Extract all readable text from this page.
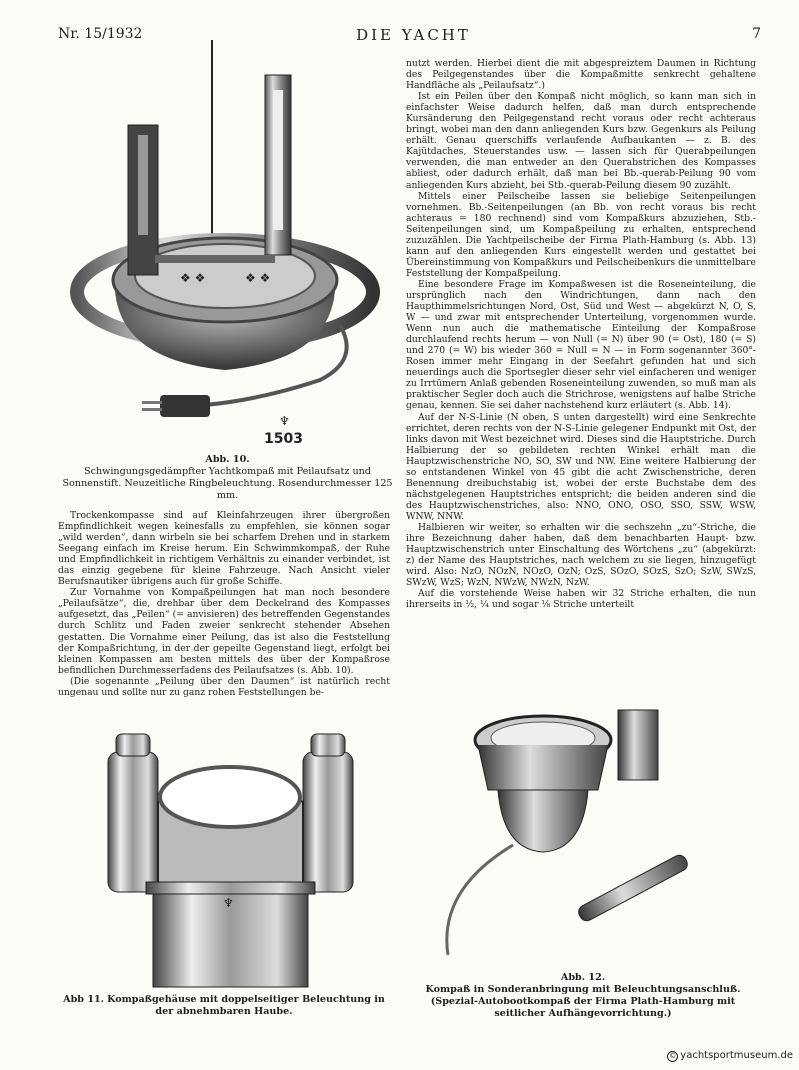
Nr. 15/1932	DIE YACHT	7
❖ ❖	❖ ❖
♆
1503
Abb. 10.
Schwingungsgedämpfter Yachtkompaß mit Peilaufsatz und Sonnenstift. Neuzeitliche Ringbeleuchtung. Rosendurchmesser 125 mm.

Trockenkompasse sind auf Kleinfahrzeugen ihrer übergroßen Empfindlichkeit wegen keinesfalls zu empfehlen, sie können sogar „wild werden“, dann wirbeln sie bei scharfem Drehen und in starkem Seegang einfach im Kreise herum. Ein Schwimmkompaß, der Ruhe und Empfindlichkeit in richtigem Verhältnis zu einander verbindet, ist das einzig gegebene für kleine Fahrzeuge. Nach Ansicht vieler Berufsnautiker übrigens auch für große Schiffe.

Zur Vornahme von Kompaßpeilungen hat man noch besondere „Peilaufsätze“, die, drehbar über dem Deckelrand des Kompasses aufgesetzt, das „Peilen“ (= anvisieren) des betreffenden Gegenstandes durch Schlitz und Faden zweier senkrecht stehender Absehen gestatten. Die Vornahme einer Peilung, das ist also die Feststellung der Kompaßrichtung, in der der gepeilte Gegenstand liegt, erfolgt bei kleinen Kompassen am besten mittels des über der Kompaßrose befindlichen Durchmesserfadens des Peilaufsatzes (s. Abb. 10).

(Die sogenannte „Peilung über den Daumen“ ist natürlich recht ungenau und sollte nur zu ganz rohen Feststellungen be-

nutzt werden. Hierbei dient die mit abgespreiztem Daumen in Richtung des Peilgegenstandes über die Kompaßmitte senkrecht gehaltene Handfläche als „Peilaufsatz“.)

Ist ein Peilen über den Kompaß nicht möglich, so kann man sich in einfachster Weise dadurch helfen, daß man durch entsprechende Kursänderung den Peilgegenstand recht voraus oder recht achteraus bringt, wobei man den dann anliegenden Kurs bzw. Gegenkurs als Peilung erhält. Genau querschiffs verlaufende Aufbaukanten — z. B. des Kajütdaches, Steuerstandes usw. — lassen sich für Querabpeilungen verwenden, die man entweder an den Querabstrichen des Kompasses abliest, oder dadurch erhält, daß man bei Bb.-querab-Peilung 90 vom anliegenden Kurs abzieht, bei Stb.-querab-Peilung diesem 90 zuzählt.

Mittels einer Peilscheibe lassen sie beliebige Seitenpeilungen vornehmen. Bb.-Seitenpeilungen (an Bb. von recht voraus bis recht achteraus = 180 rechnend) sind vom Kompaßkurs abzuziehen, Stb.-Seitenpeilungen sind, um Kompaßpeilung zu erhalten, entsprechend zuzuzählen. Die Yachtpeilscheibe der Firma Plath-Hamburg (s. Abb. 13) kann auf den anliegenden Kurs eingestellt werden und gestattet bei Übereinstimmung von Kompaßkurs und Peilscheibenkurs die unmittelbare Feststellung der Kompaßpeilung.

Eine besondere Frage im Kompaßwesen ist die Roseneinteilung, die ursprünglich nach den Windrichtungen, dann nach den Haupthimmelsrichtungen Nord, Ost, Süd und West — abgekürzt N, O, S, W — und zwar mit entsprechender Unterteilung, vorgenommen wurde. Wenn nun auch die mathematische Einteilung der Kompaßrose durchlaufend rechts herum — von Null (= N) über 90 (= Ost), 180 (= S) und 270 (= W) bis wieder 360 = Null = N — in Form sogenannter 360°-Rosen immer mehr Eingang in der Seefahrt gefunden hat und sich neuerdings auch die Sportsegler dieser sehr viel einfacheren und weniger zu Irrtümern Anlaß gebenden Roseneinteilung zuwenden, so muß man als praktischer Segler doch auch die Strichrose, wenigstens auf halbe Striche genau, kennen. Sie sei daher nachstehend kurz erläutert (s. Abb. 14).

Auf der N-S-Linie (N oben, S unten dargestellt) wird eine Senkrechte errichtet, deren rechts von der N-S-Linie gelegener Endpunkt mit Ost, der links davon mit West bezeichnet wird. Dieses sind die Hauptstriche. Durch Halbierung der so gebildeten rechten Winkel erhält man die Hauptzwischenstriche NO, SO, SW und NW. Eine weitere Halbierung der so entstandenen Winkel von 45 gibt die acht Zwischenstriche, deren Benennung dreibuchstabig ist, wobei der erste Buchstabe dem des nächstgelegenen Hauptstriches entspricht; die beiden anderen sind die des Hauptzwischenstriches, also: NNO, ONO, OSO, SSO, SSW, WSW, WNW, NNW.

Halbieren wir weiter, so erhalten wir die sechszehn „zu“-Striche, die ihre Bezeichnung daher haben, daß dem benachbarten Haupt- bzw. Hauptzwischenstrich unter Einschaltung des Wörtchens „zu“ (abgekürzt: z) der Name des Hauptstriches, nach welchem zu sie liegen, hinzugefügt wird. Also: NzO, NOzN, NOzO, OzN; OzS, SOzO, SOzS, SzO; SzW, SWzS, SWzW, WzS; WzN, NWzW, NWzN, NzW.

Auf die vorstehende Weise haben wir 32 Striche erhalten, die nun ihrerseits in ½, ¼ und sogar ⅛ Striche unterteilt

♆
Abb 11. Kompaßgehäuse mit doppelseitiger Beleuchtung in der abnehmbaren Haube.
Abb. 12.
Kompaß in Sonderanbringung mit Beleuchtungsanschluß. (Spezial-Autobootkompaß der Firma Plath-Hamburg mit seitlicher Aufhängevorrichtung.)
© yachtsportmuseum.de
